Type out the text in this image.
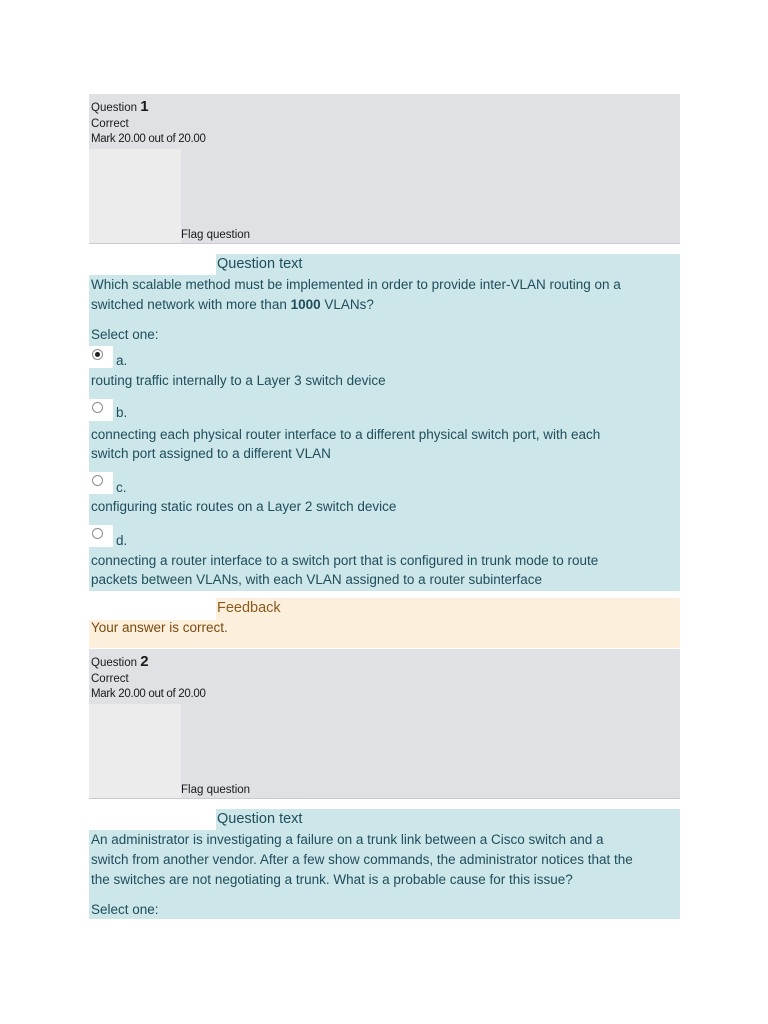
Question 1
Correct
Mark 20.00 out of 20.00
Flag question
Question text

Which scalable method must be implemented in order to provide inter-VLAN routing on a

switched network with more than 1000 VLANs?

Select one:

a.

routing traffic internally to a Layer 3 switch device

b.

connecting each physical router interface to a different physical switch port, with each

switch port assigned to a different VLAN

c.

configuring static routes on a Layer 2 switch device

d.

connecting a router interface to a switch port that is configured in trunk mode to route

packets between VLANs, with each VLAN assigned to a router subinterface

Feedback
Your answer is correct.
Question 2
Correct
Mark 20.00 out of 20.00
Flag question
Question text

An administrator is investigating a failure on a trunk link between a Cisco switch and a

switch from another vendor. After a few show commands, the administrator notices that the

the switches are not negotiating a trunk. What is a probable cause for this issue?

Select one:
